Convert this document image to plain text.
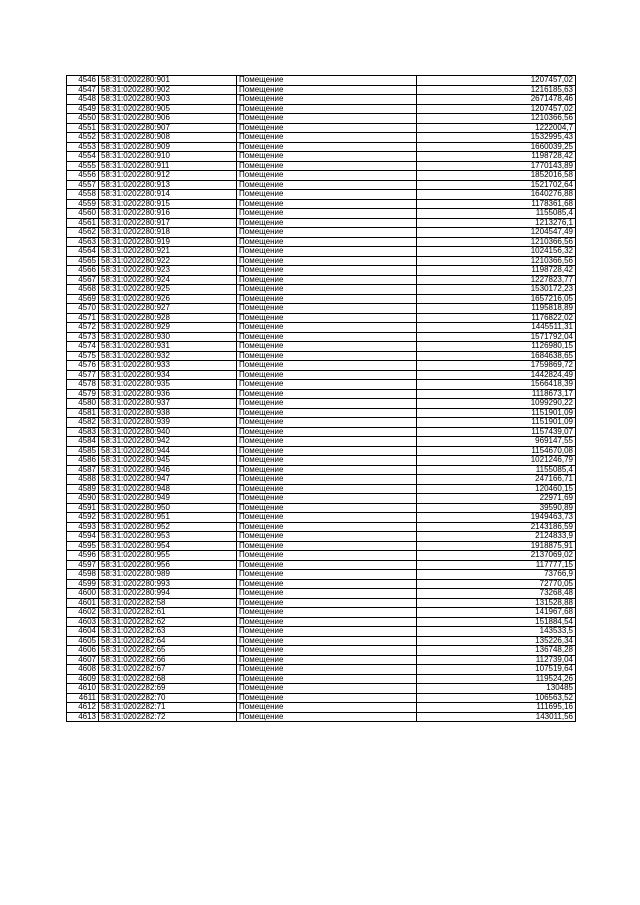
4546	58:31:0202280:901	Помещение	1207457,02
4547	58:31:0202280:902	Помещение	1216185,63
4548	58:31:0202280:903	Помещение	2671478,46
4549	58:31:0202280:905	Помещение	1207457,02
4550	58:31:0202280:906	Помещение	1210366,56
4551	58:31:0202280:907	Помещение	1222004,7
4552	58:31:0202280:908	Помещение	1532995,43
4553	58:31:0202280:909	Помещение	1660039,25
4554	58:31:0202280:910	Помещение	1198728,42
4555	58:31:0202280:911	Помещение	1770143,89
4556	58:31:0202280:912	Помещение	1852016,58
4557	58:31:0202280:913	Помещение	1521702,64
4558	58:31:0202280:914	Помещение	1640276,88
4559	58:31:0202280:915	Помещение	1178361,68
4560	58:31:0202280:916	Помещение	1155085,4
4561	58:31:0202280:917	Помещение	1213276,1
4562	58:31:0202280:918	Помещение	1204547,49
4563	58:31:0202280:919	Помещение	1210366,56
4564	58:31:0202280:921	Помещение	1024156,32
4565	58:31:0202280:922	Помещение	1210366,56
4566	58:31:0202280:923	Помещение	1198728,42
4567	58:31:0202280:924	Помещение	1227823,77
4568	58:31:0202280:925	Помещение	1530172,23
4569	58:31:0202280:926	Помещение	1657216,05
4570	58:31:0202280:927	Помещение	1195818,89
4571	58:31:0202280:928	Помещение	1176822,02
4572	58:31:0202280:929	Помещение	1445511,31
4573	58:31:0202280:930	Помещение	1571792,04
4574	58:31:0202280:931	Помещение	1126980,15
4575	58:31:0202280:932	Помещение	1684638,65
4576	58:31:0202280:933	Помещение	1759869,72
4577	58:31:0202280:934	Помещение	1442824,49
4578	58:31:0202280:935	Помещение	1566418,39
4579	58:31:0202280:936	Помещение	1118673,17
4580	58:31:0202280:937	Помещение	1099290,22
4581	58:31:0202280:938	Помещение	1151901,09
4582	58:31:0202280:939	Помещение	1151901,09
4583	58:31:0202280:940	Помещение	1157439,07
4584	58:31:0202280:942	Помещение	969147,55
4585	58:31:0202280:944	Помещение	1154670,08
4586	58:31:0202280:945	Помещение	1021246,79
4587	58:31:0202280:946	Помещение	1155085,4
4588	58:31:0202280:947	Помещение	247166,71
4589	58:31:0202280:948	Помещение	120460,15
4590	58:31:0202280:949	Помещение	22971,69
4591	58:31:0202280:950	Помещение	39590,89
4592	58:31:0202280:951	Помещение	1949463,73
4593	58:31:0202280:952	Помещение	2143186,59
4594	58:31:0202280:953	Помещение	2124833,9
4595	58:31:0202280:954	Помещение	1918875,91
4596	58:31:0202280:955	Помещение	2137069,02
4597	58:31:0202280:956	Помещение	117777,15
4598	58:31:0202280:989	Помещение	73766,9
4599	58:31:0202280:993	Помещение	72770,05
4600	58:31:0202280:994	Помещение	73268,48
4601	58:31:0202282:58	Помещение	131528,88
4602	58:31:0202282:61	Помещение	141967,68
4603	58:31:0202282:62	Помещение	151884,54
4604	58:31:0202282:63	Помещение	143533,5
4605	58:31:0202282:64	Помещение	135226,34
4606	58:31:0202282:65	Помещение	136748,28
4607	58:31:0202282:66	Помещение	112739,04
4608	58:31:0202282:67	Помещение	107519,64
4609	58:31:0202282:68	Помещение	119524,26
4610	58:31:0202282:69	Помещение	130485
4611	58:31:0202282:70	Помещение	106563,52
4612	58:31:0202282:71	Помещение	111695,16
4613	58:31:0202282:72	Помещение	143011,56
